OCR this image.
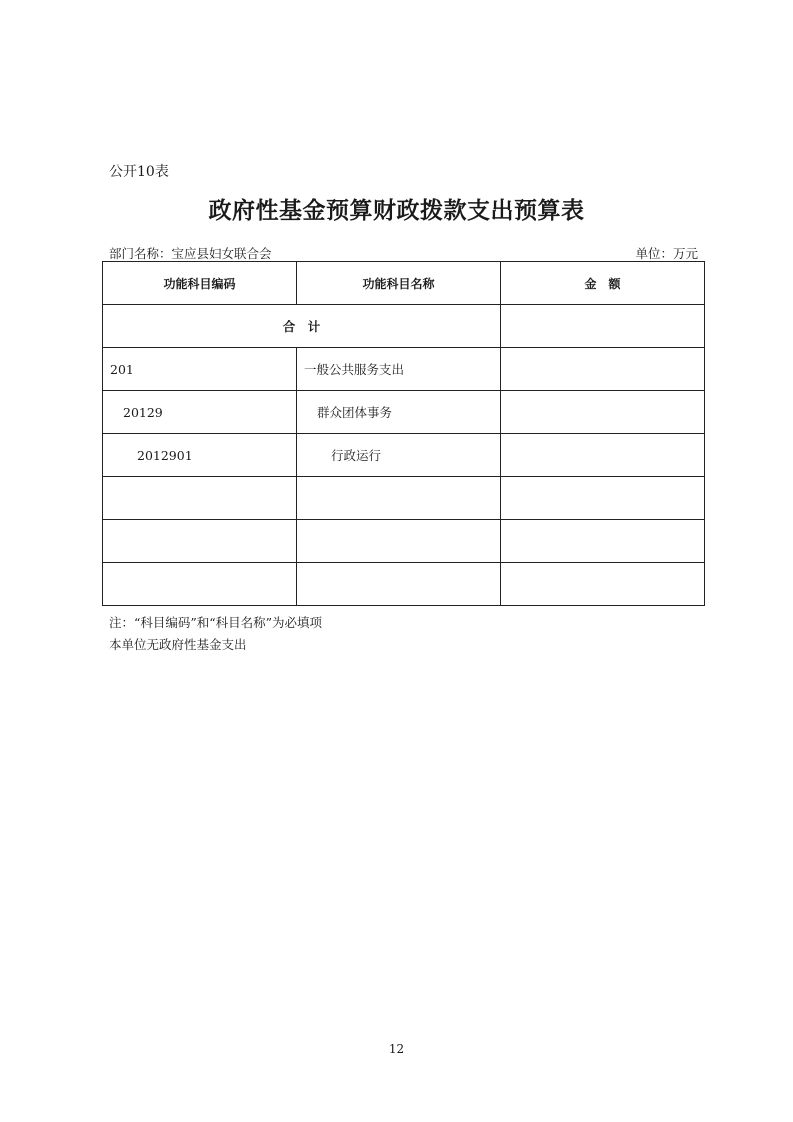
公开10表
政府性基金预算财政拨款支出预算表
部门名称：宝应县妇女联合会	单位：万元
功能科目编码	功能科目名称	金　额
合　计		
201	一般公共服务支出	
20129	群众团体事务	
2012901	行政运行	

注：“科目编码”和“科目名称”为必填项
本单位无政府性基金支出
12
